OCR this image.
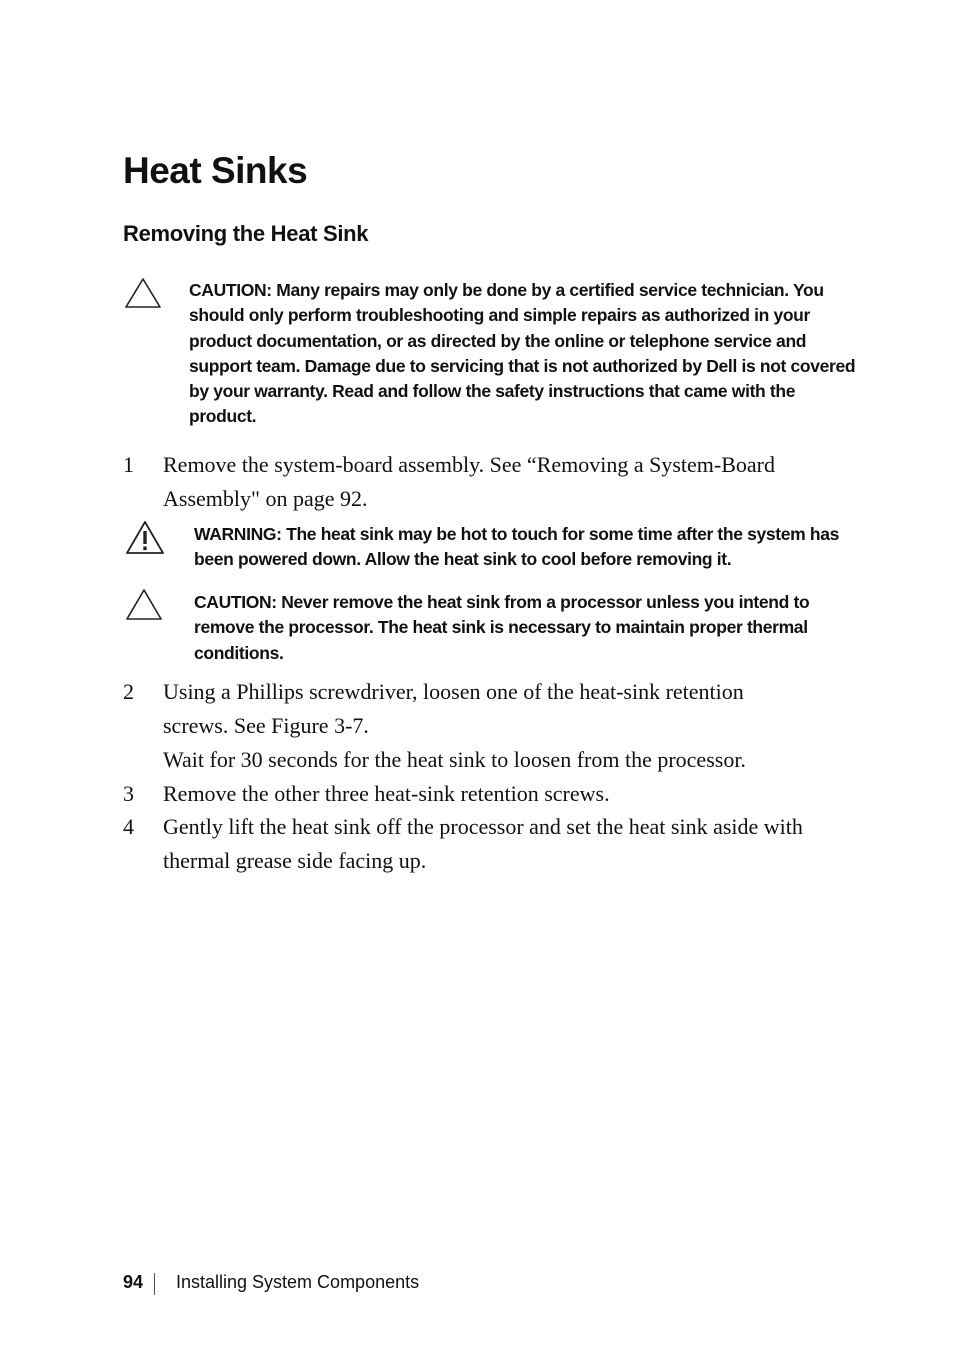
Heat Sinks
Removing the Heat Sink
CAUTION: Many repairs may only be done by a certified service technician. You should only perform troubleshooting and simple repairs as authorized in your product documentation, or as directed by the online or telephone service and support team. Damage due to servicing that is not authorized by Dell is not covered by your warranty. Read and follow the safety instructions that came with the product.
1	Remove the system-board assembly. See “Removing a System-Board Assembly" on page 92.
WARNING: The heat sink may be hot to touch for some time after the system has been powered down. Allow the heat sink to cool before removing it.
CAUTION: Never remove the heat sink from a processor unless you intend to remove the processor. The heat sink is necessary to maintain proper thermal conditions.
2	Using a Phillips screwdriver, loosen one of the heat-sink retention screws. See Figure 3-7.
Wait for 30 seconds for the heat sink to loosen from the processor.
3	Remove the other three heat-sink retention screws.
4	Gently lift the heat sink off the processor and set the heat sink aside with thermal grease side facing up.
94 Installing System Components
